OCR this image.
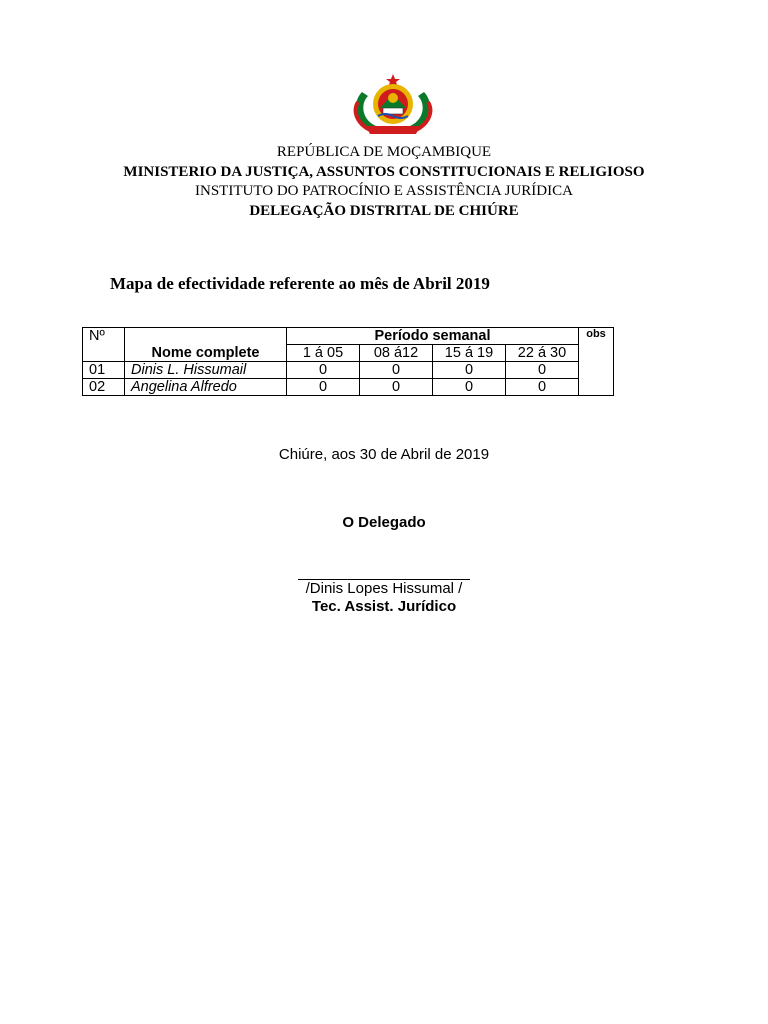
REPÚBLICA DE MOÇAMBIQUE
MINISTERIO DA JUSTIÇA, ASSUNTOS CONSTITUCIONAIS E RELIGIOSO
INSTITUTO DO PATROCÍNIO E ASSISTÊNCIA JURÍDICA
DELEGAÇÃO DISTRITAL DE CHIÚRE
Mapa de efectividade referente ao mês de Abril 2019
Nº		Período semanal				obs
	Nome complete	1 á 05	08 á12	15 á 19	22 á 30	
01	Dinis L. Hissumail	0	0	0	0	
02	Angelina Alfredo	0	0	0	0	
Chiúre, aos 30 de Abril de 2019
O Delegado
/Dinis Lopes Hissumal /
Tec. Assist. Jurídico
